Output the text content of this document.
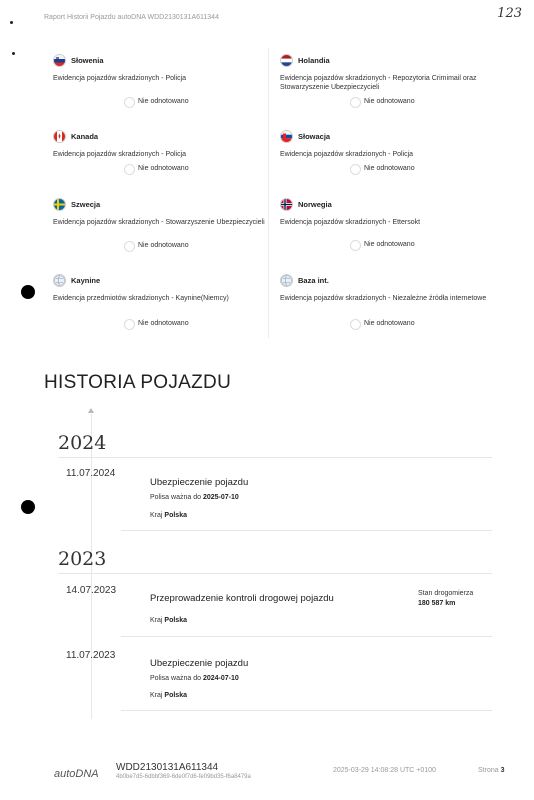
Raport Historii Pojazdu autoDNA WDD2130131A611344	123
Słowenia
Ewidencja pojazdów skradzionych - Policja
Nie odnotowano
Holandia
Ewidencja pojazdów skradzionych - Repozytoria Crimimail oraz Stowarzyszenie Ubezpieczycieli
Nie odnotowano
Kanada
Ewidencja pojazdów skradzionych - Policja
Nie odnotowano
Słowacja
Ewidencja pojazdów skradzionych - Policja
Nie odnotowano
Szwecja
Ewidencja pojazdów skradzionych - Stowarzyszenie Ubezpieczycieli
Nie odnotowano
Norwegia
Ewidencja pojazdów skradzionych - Ettersokt
Nie odnotowano
Kaynine
Ewidencja przedmiotów skradzionych - Kaynine(Niemcy)
Nie odnotowano
Baza int.
Ewidencja pojazdów skradzionych - Niezależne źródła internetowe
Nie odnotowano
HISTORIA POJAZDU
2024
11.07.2024
Ubezpieczenie pojazdu
Polisa ważna do 2025-07-10
Kraj Polska
2023
14.07.2023
Przeprowadzenie kontroli drogowej pojazdu	Stan drogomierza
180 587 km
Kraj Polska
11.07.2023
Ubezpieczenie pojazdu
Polisa ważna do 2024-07-10
Kraj Polska
autoDNA
WDD2130131A611344
4b0be7d5-6dbbf369-6de0f7d6-fe09bd35-f6a8479a
2025-03-29 14:08:28 UTC +0100	Strona 3
